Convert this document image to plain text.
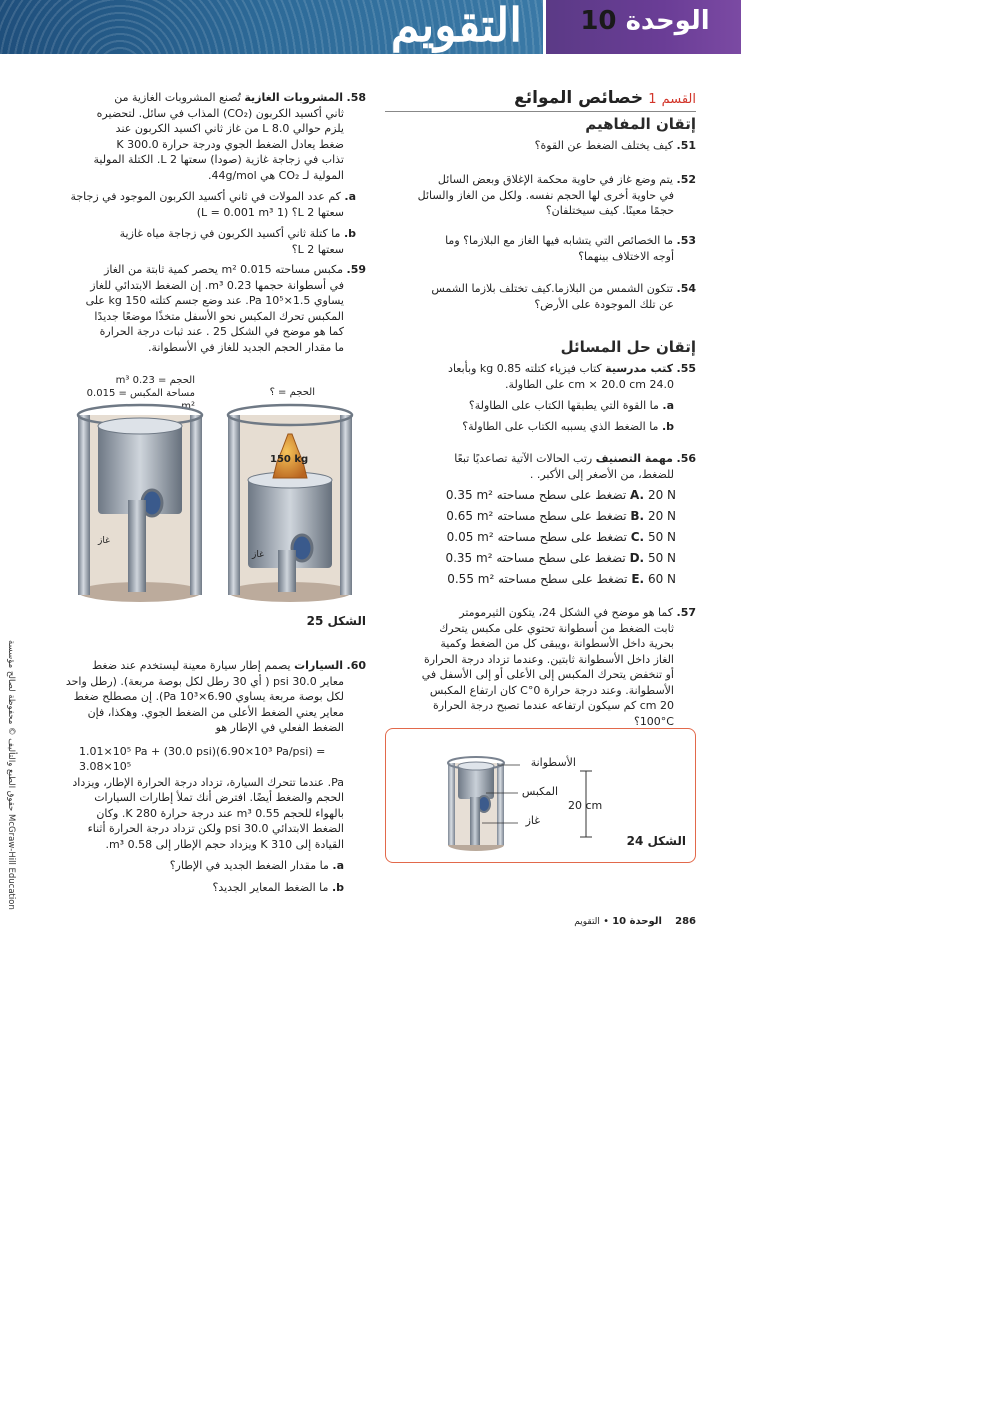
التقويم	الوحدة 10
حقوق الطبع والتأليف © محفوظة لصالح مؤسسة McGraw-Hill Education
القسم 1 خصائص الموائع
إتقان المفاهيم
51. كيف يختلف الضغط عن القوة؟
52. يتم وضع غاز في حاوية محكمة الإغلاق وبعض السائل
في حاوية أخرى لها الحجم نفسه. ولكل من الغاز والسائل
حجمًا معينًا. كيف سيختلفان؟
53. ما الخصائص التي يتشابه فيها الغاز مع البلازما؟ وما
أوجه الاختلاف بينهما؟
54. تتكون الشمس من البلازما.كيف تختلف بلازما الشمس
عن تلك الموجودة على الأرض؟
إتقان حل المسائل
55. كتب مدرسية كتاب فيزياء كتلته 0.85 kg وبأبعاد
24.0 cm × 20.0 cm على الطاولة.
a. ما القوة التي يطبقها الكتاب على الطاولة؟
b. ما الضغط الذي يسببه الكتاب على الطاولة؟
56. مهمة التصنيف رتب الحالات الآتية تصاعديًا تبعًا
للضغط، من الأصغر إلى الأكبر. .
A. 20 N تضغط على سطح مساحته 0.35 m²
B. 20 N تضغط على سطح مساحته 0.65 m²
C. 50 N تضغط على سطح مساحته 0.05 m²
D. 50 N تضغط على سطح مساحته 0.35 m²
E. 60 N تضغط على سطح مساحته 0.55 m²
57. كما هو موضح في الشكل 24، يتكون الثيرمومتر
ثابت الضغط من أسطوانة تحتوي على مكبس يتحرك
بحرية داخل الأسطوانة ،ويبقى كل من الضغط وكمية
الغاز داخل الأسطوانة ثابتين. وعندما تزداد درجة الحرارة
أو تنخفض يتحرك المكبس إلى الأعلى أو إلى الأسفل في
الأسطوانة. وعند درجة حرارة 0°C كان ارتفاع المكبس
20 cm كم سيكون ارتفاعه عندما تصبح درجة الحرارة
100°C؟
الأسطوانة
المكبس
غاز
20 cm
الشكل 24
286 الوحدة 10 • التقويم
58. المشروبات الغازية تُصنع المشروبات الغازية من
ثاني أكسيد الكربون (CO₂) المذاب في سائل. لتحضيره
يلزم حوالي 8.0 L من غاز ثاني اكسيد الكربون عند
ضغط يعادل الضغط الجوي ودرجة حرارة 300.0 K
تذاب في زجاجة غازية (صودا) سعتها 2 L. الكتلة المولية
المولية لـ CO₂ هي 44g/mol.
a. كم عدد المولات في ثاني أكسيد الكربون الموجود في زجاجة
سعتها 2 L؟ (1 L = 0.001 m³)
b. ما كتلة ثاني أكسيد الكربون في زجاجة مياه غازية
سعتها 2 L؟
59. مكبس مساحته 0.015 m² يحصر كمية ثابتة من الغاز
في أسطوانة حجمها 0.23 m³. إن الضغط الابتدائي للغاز
يساوي 1.5×10⁵ Pa. عند وضع جسم كتلته 150 kg على
المكبس تحرك المكبس نحو الأسفل متخذًا موضعًا جديدًا
كما هو موضح في الشكل 25 . عند ثبات درجة الحرارة
ما مقدار الحجم الجديد للغاز في الأسطوانة.
الحجم = 0.23 m³
مساحة المكبس = 0.015 m²
الحجم = ؟
150 kg
غاز
غاز
الشكل 25
60. السيارات يصمم إطار سيارة معينة ليستخدم عند ضغط
معاير 30.0 psi ( أي 30 رطل لكل بوصة مربعة). (رطل واحد
لكل بوصة مربعة يساوي 6.90×10³ Pa). إن مصطلح ضغط
معاير يعني الضغط الأعلى من الضغط الجوي. وهكذا، فإن
الضغط الفعلي في الإطار هو
1.01×10⁵ Pa + (30.0 psi)(6.90×10³ Pa/psi) = 3.08×10⁵
Pa. عندما تتحرك السيارة، تزداد درجة الحرارة الإطار، ويزداد
الحجم والضغط أيضًا. افترض أنك تملأ إطارات السيارات
بالهواء للحجم 0.55 m³ عند درجة حرارة 280 K. وكان
الضغط الابتدائي 30.0 psi ولكن تزداد درجة الحرارة أثناء
القيادة إلى 310 K ويزداد حجم الإطار إلى 0.58 m³.
a. ما مقدار الضغط الجديد في الإطار؟
b. ما الضغط المعاير الجديد؟
